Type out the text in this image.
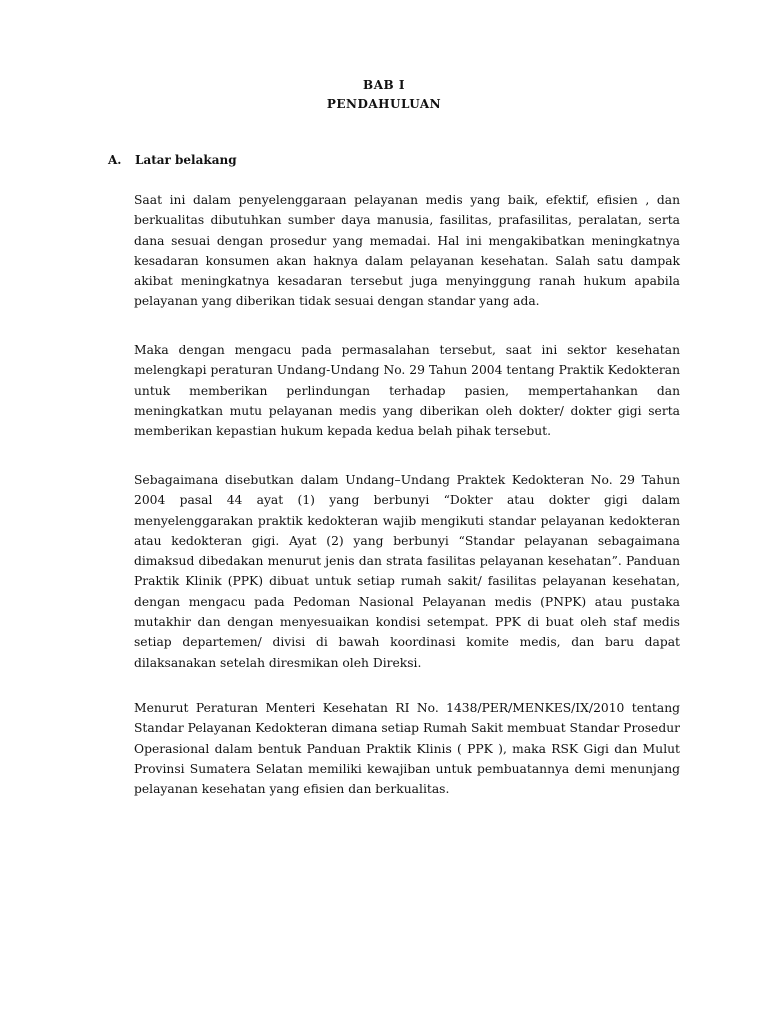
BAB I
PENDAHULUAN
A. Latar belakang

Saat ini dalam penyelenggaraan pelayanan medis yang baik, efektif, efisien , dan berkualitas dibutuhkan sumber daya manusia, fasilitas, prafasilitas, peralatan, serta dana sesuai dengan prosedur yang memadai. Hal ini mengakibatkan meningkatnya kesadaran konsumen akan haknya dalam pelayanan kesehatan. Salah satu dampak akibat meningkatnya kesadaran tersebut juga menyinggung ranah hukum apabila pelayanan yang diberikan tidak sesuai dengan standar yang ada.

Maka dengan mengacu pada permasalahan tersebut, saat ini sektor kesehatan melengkapi peraturan Undang-Undang No. 29 Tahun 2004 tentang Praktik Kedokteran untuk memberikan perlindungan terhadap pasien, mempertahankan dan meningkatkan mutu pelayanan medis yang diberikan oleh dokter/ dokter gigi serta memberikan kepastian hukum kepada kedua belah pihak tersebut.

Sebagaimana disebutkan dalam Undang–Undang Praktek Kedokteran No. 29 Tahun 2004 pasal 44 ayat (1) yang berbunyi “Dokter atau dokter gigi dalam menyelenggarakan praktik kedokteran wajib mengikuti standar pelayanan kedokteran atau kedokteran gigi. Ayat (2) yang berbunyi “Standar pelayanan sebagaimana dimaksud dibedakan menurut jenis dan strata fasilitas pelayanan kesehatan”. Panduan Praktik Klinik (PPK) dibuat untuk setiap rumah sakit/ fasilitas pelayanan kesehatan, dengan mengacu pada Pedoman Nasional Pelayanan medis (PNPK) atau pustaka mutakhir dan dengan menyesuaikan kondisi setempat. PPK di buat oleh staf medis setiap departemen/ divisi di bawah koordinasi komite medis, dan baru dapat dilaksanakan setelah diresmikan oleh Direksi.

Menurut Peraturan Menteri Kesehatan RI No. 1438/PER/MENKES/IX/2010 tentang Standar Pelayanan Kedokteran dimana setiap Rumah Sakit membuat Standar Prosedur Operasional dalam bentuk Panduan Praktik Klinis ( PPK ), maka RSK Gigi dan Mulut Provinsi Sumatera Selatan memiliki kewajiban untuk pembuatannya demi menunjang pelayanan kesehatan yang efisien dan berkualitas.
